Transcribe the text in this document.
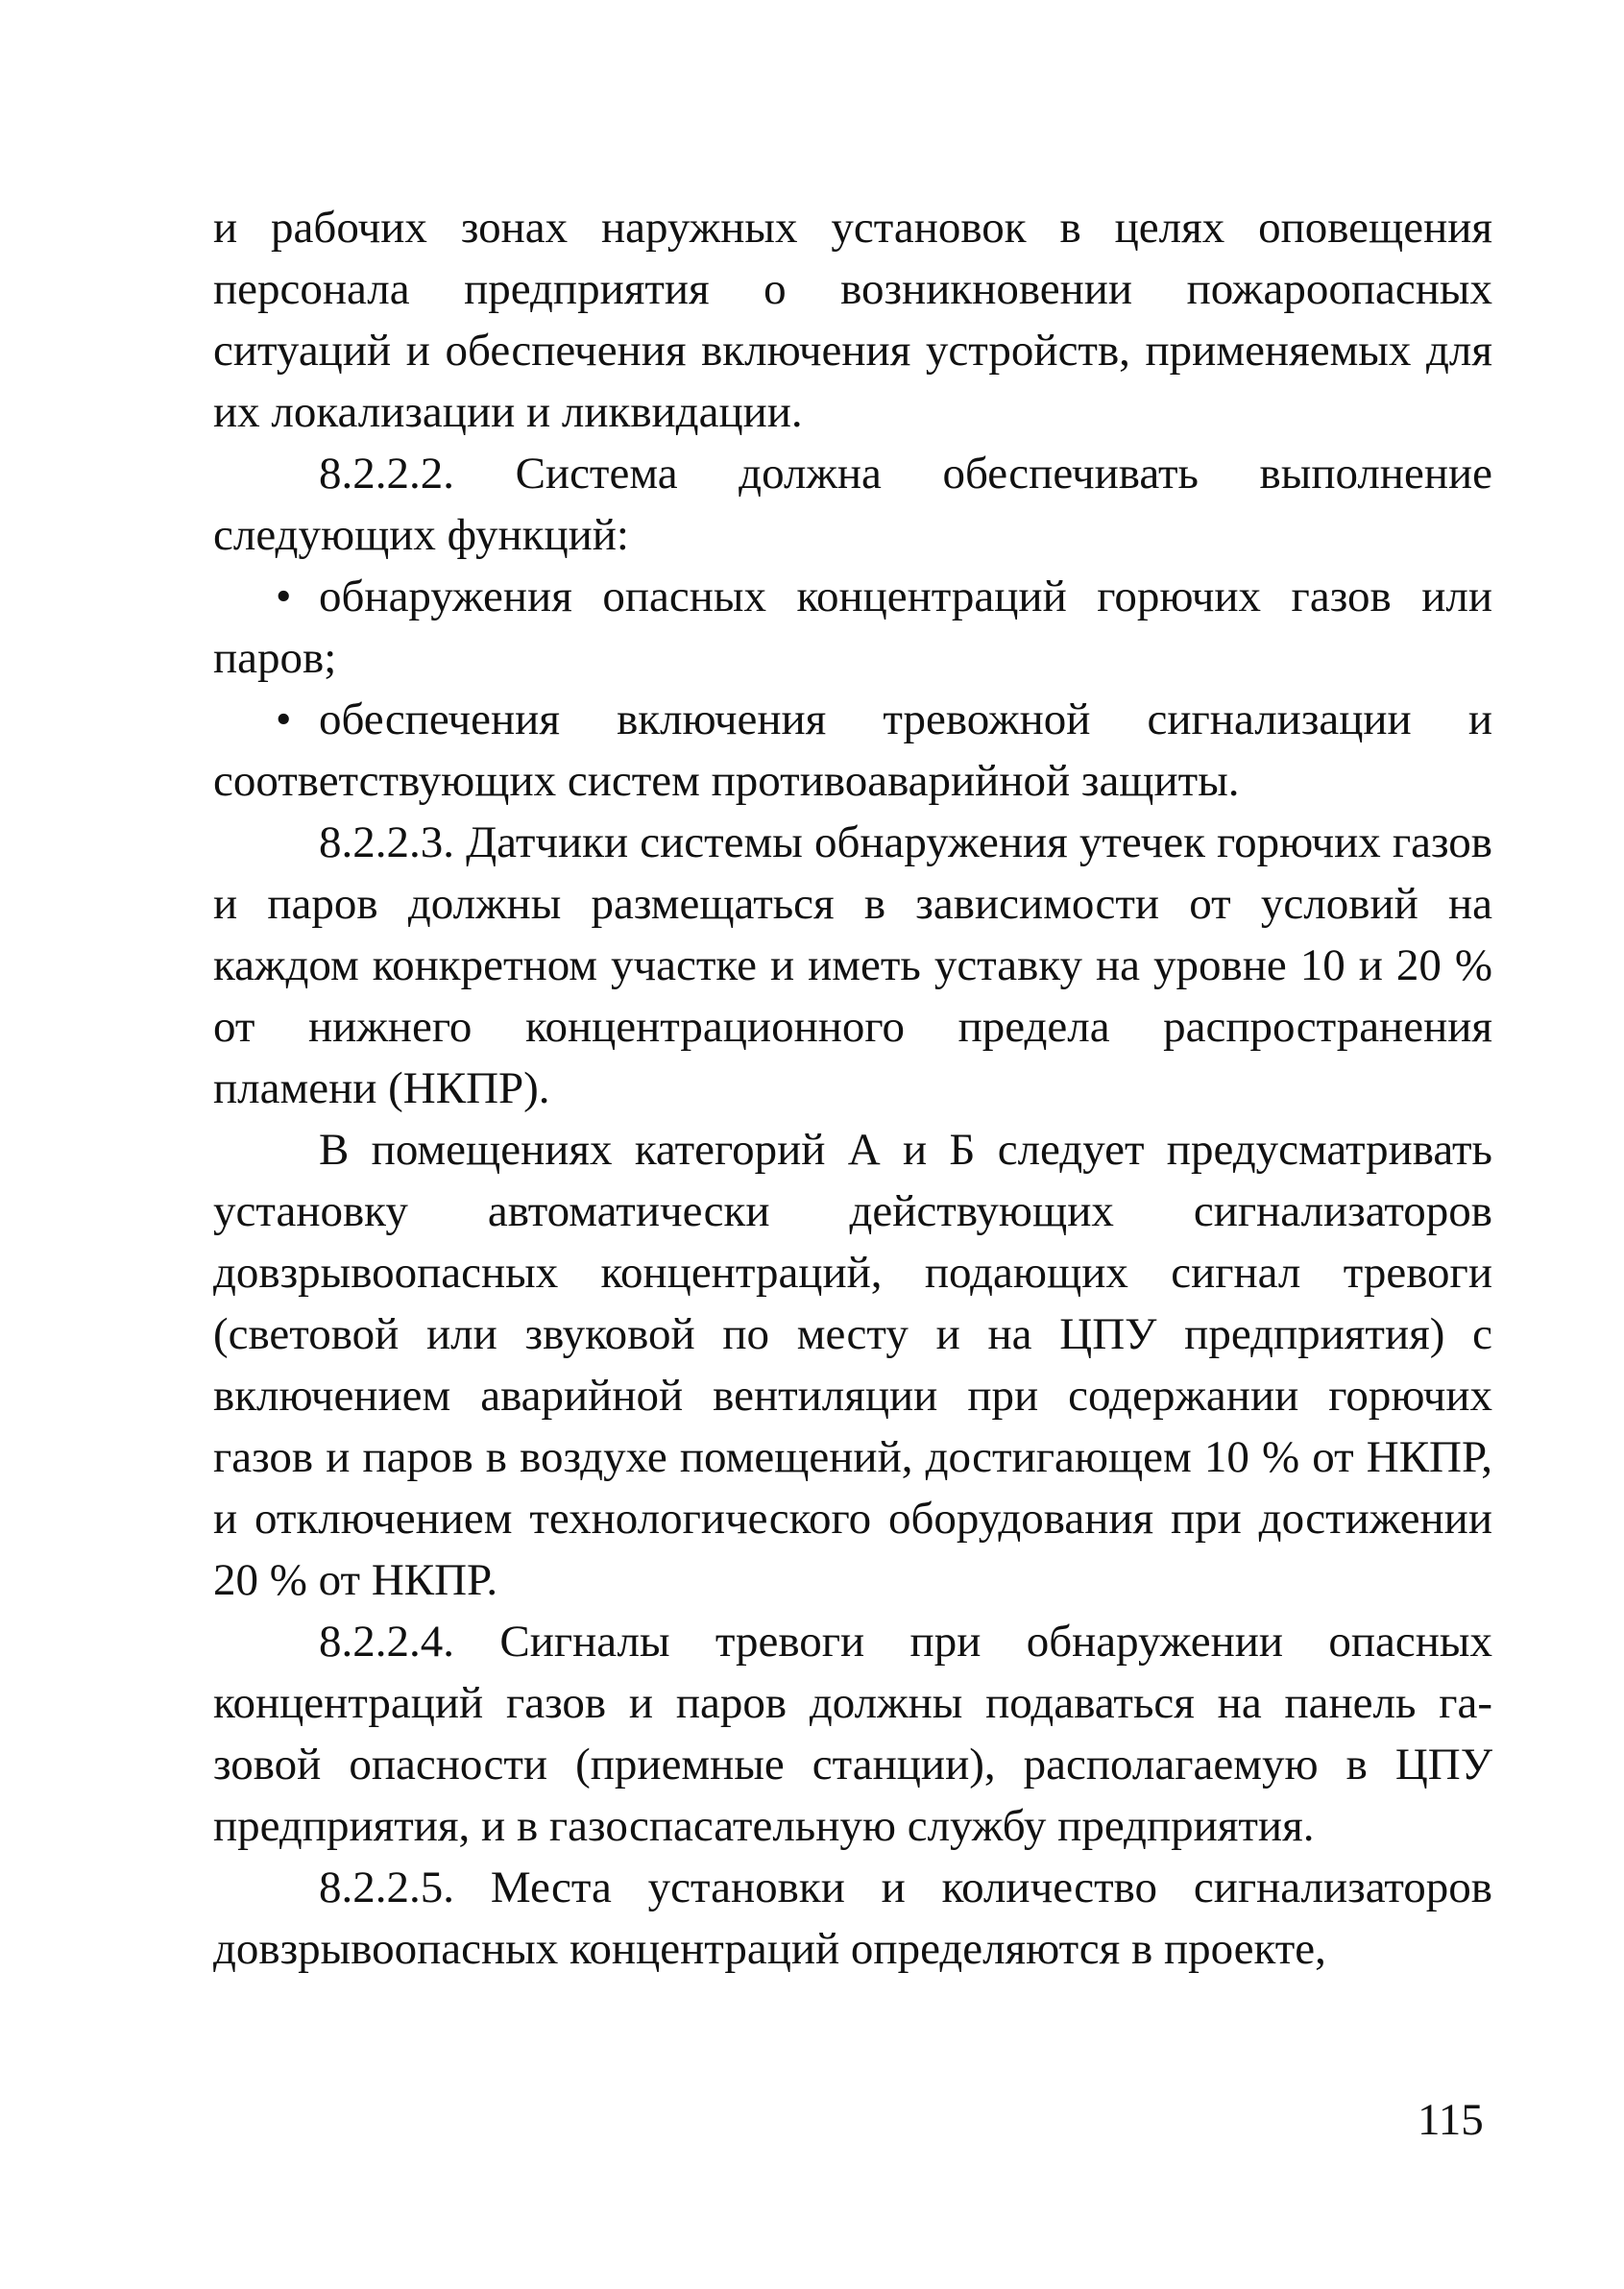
и рабочих зонах наружных установок в целях оповещения персонала предприятия о возникновении пожароопасных ситуаций и обеспечения включения устройств, применяемых для их локализации и ликвидации.

8.2.2.2. Система должна обеспечивать выполнение следующих функций:

• обнаружения опасных концентраций горючих газов или паров;

• обеспечения включения тревожной сигнализации и соответствующих систем противоаварийной защиты.

8.2.2.3. Датчики системы обнаружения утечек горючих газов и паров должны размещаться в зависимости от условий на каждом конкретном участке и иметь уставку на уровне 10 и 20 % от нижнего концентрационного предела распространения пламени (НКПР).

В помещениях категорий А и Б следует предусматривать установку автоматически действующих сигнализаторов довзрывоопасных концентраций, подающих сигнал тревоги (световой или звуковой по месту и на ЦПУ предприятия) с включением аварийной вентиляции при содержании горючих газов и паров в воздухе помещений, достигающем 10 % от НКПР, и отключением технологического оборудования при достижении 20 % от НКПР.

8.2.2.4. Сигналы тревоги при обнаружении опасных концентраций газов и паров должны подаваться на панель газовой опасности (приемные станции), располагаемую в ЦПУ предприятия, и в газоспасательную службу предприятия.

8.2.2.5. Места установки и количество сигнализаторов довзрывоопасных концентраций определяются в проекте,

115
